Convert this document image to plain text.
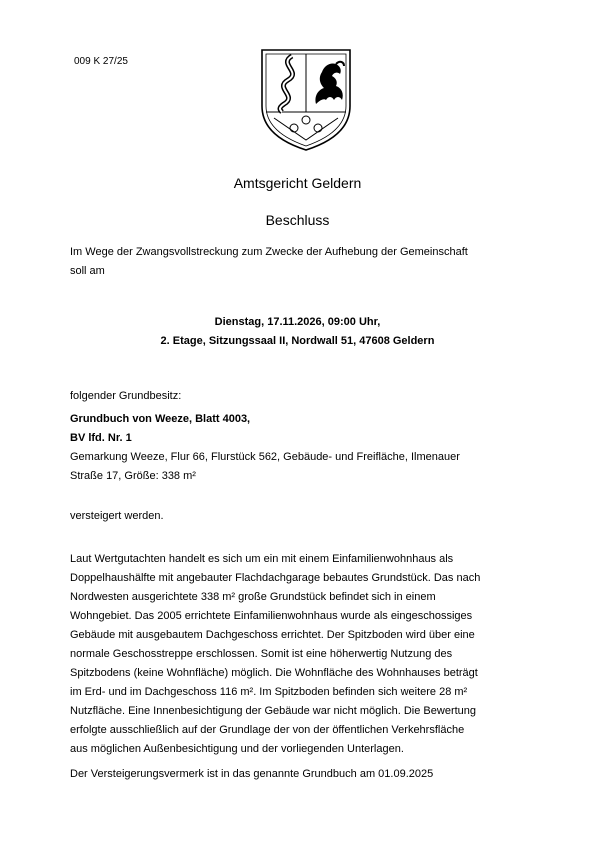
009 K 27/25
Amtsgericht Geldern
Beschluss
Im Wege der Zwangsvollstreckung zum Zwecke der Aufhebung der Gemeinschaft
soll am
Dienstag, 17.11.2026, 09:00 Uhr,
2. Etage, Sitzungssaal II, Nordwall 51, 47608 Geldern
folgender Grundbesitz:
Grundbuch von Weeze, Blatt 4003,
BV lfd. Nr. 1
Gemarkung Weeze, Flur 66, Flurstück 562, Gebäude- und Freifläche, Ilmenauer
Straße 17, Größe: 338 m²
versteigert werden.
Laut Wertgutachten handelt es sich um ein mit einem Einfamilienwohnhaus als
Doppelhaushälfte mit angebauter Flachdachgarage bebautes Grundstück. Das nach
Nordwesten ausgerichtete 338 m² große Grundstück befindet sich in einem
Wohngebiet. Das 2005 errichtete Einfamilienwohnhaus wurde als eingeschossiges
Gebäude mit ausgebautem Dachgeschoss errichtet. Der Spitzboden wird über eine
normale Geschosstreppe erschlossen. Somit ist eine höherwertig Nutzung des
Spitzbodens (keine Wohnfläche) möglich. Die Wohnfläche des Wohnhauses beträgt
im Erd- und im Dachgeschoss 116 m². Im Spitzboden befinden sich weitere 28 m²
Nutzfläche. Eine Innenbesichtigung der Gebäude war nicht möglich. Die Bewertung
erfolgte ausschließlich auf der Grundlage der von der öffentlichen Verkehrsfläche
aus möglichen Außenbesichtigung und der vorliegenden Unterlagen.
Der Versteigerungsvermerk ist in das genannte Grundbuch am 01.09.2025
